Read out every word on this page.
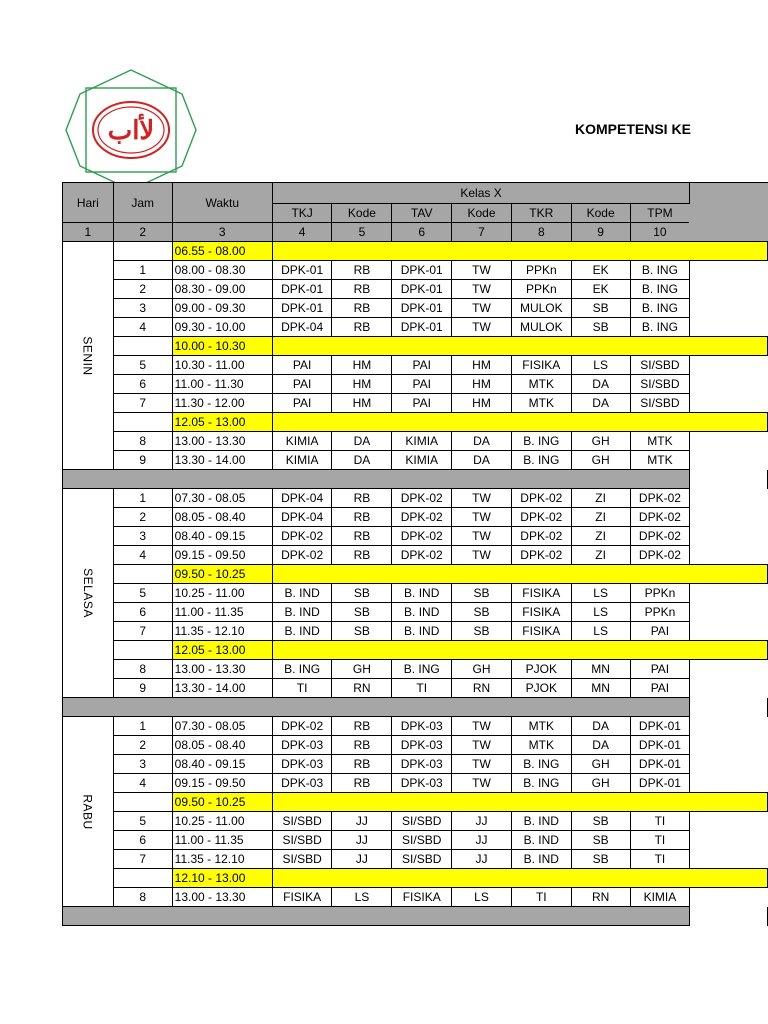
ﻷﺍﺏ	KOMPETENSI KE
Hari	Jam	Waktu	Kelas X							
			TKJ	Kode	TAV	Kode	TKR	Kode	TPM	
1	2	3	4	5	6	7	8	9	10	
SENIN		06.55 - 08.00								
	1	08.00 - 08.30	DPK-01	RB	DPK-01	TW	PPKn	EK	B. ING	
	2	08.30 - 09.00	DPK-01	RB	DPK-01	TW	PPKn	EK	B. ING	
	3	09.00 - 09.30	DPK-01	RB	DPK-01	TW	MULOK	SB	B. ING	
	4	09.30 - 10.00	DPK-04	RB	DPK-01	TW	MULOK	SB	B. ING	
		10.00 - 10.30								
	5	10.30 - 11.00	PAI	HM	PAI	HM	FISIKA	LS	SI/SBD	
	6	11.00 - 11.30	PAI	HM	PAI	HM	MTK	DA	SI/SBD	
	7	11.30 - 12.00	PAI	HM	PAI	HM	MTK	DA	SI/SBD	
		12.05 - 13.00								
	8	13.00 - 13.30	KIMIA	DA	KIMIA	DA	B. ING	GH	MTK	
	9	13.30 - 14.00	KIMIA	DA	KIMIA	DA	B. ING	GH	MTK	

SELASA	1	07.30 - 08.05	DPK-04	RB	DPK-02	TW	DPK-02	ZI	DPK-02	
	2	08.05 - 08.40	DPK-04	RB	DPK-02	TW	DPK-02	ZI	DPK-02	
	3	08.40 - 09.15	DPK-02	RB	DPK-02	TW	DPK-02	ZI	DPK-02	
	4	09.15 - 09.50	DPK-02	RB	DPK-02	TW	DPK-02	ZI	DPK-02	
		09.50 - 10.25								
	5	10.25 - 11.00	B. IND	SB	B. IND	SB	FISIKA	LS	PPKn	
	6	11.00 - 11.35	B. IND	SB	B. IND	SB	FISIKA	LS	PPKn	
	7	11.35 - 12.10	B. IND	SB	B. IND	SB	FISIKA	LS	PAI	
		12.05 - 13.00								
	8	13.00 - 13.30	B. ING	GH	B. ING	GH	PJOK	MN	PAI	
	9	13.30 - 14.00	TI	RN	TI	RN	PJOK	MN	PAI	

RABU	1	07.30 - 08.05	DPK-02	RB	DPK-03	TW	MTK	DA	DPK-01	
	2	08.05 - 08.40	DPK-03	RB	DPK-03	TW	MTK	DA	DPK-01	
	3	08.40 - 09.15	DPK-03	RB	DPK-03	TW	B. ING	GH	DPK-01	
	4	09.15 - 09.50	DPK-03	RB	DPK-03	TW	B. ING	GH	DPK-01	
		09.50 - 10.25								
	5	10.25 - 11.00	SI/SBD	JJ	SI/SBD	JJ	B. IND	SB	TI	
	6	11.00 - 11.35	SI/SBD	JJ	SI/SBD	JJ	B. IND	SB	TI	
	7	11.35 - 12.10	SI/SBD	JJ	SI/SBD	JJ	B. IND	SB	TI	
		12.10 - 13.00								
	8	13.00 - 13.30	FISIKA	LS	FISIKA	LS	TI	RN	KIMIA	
